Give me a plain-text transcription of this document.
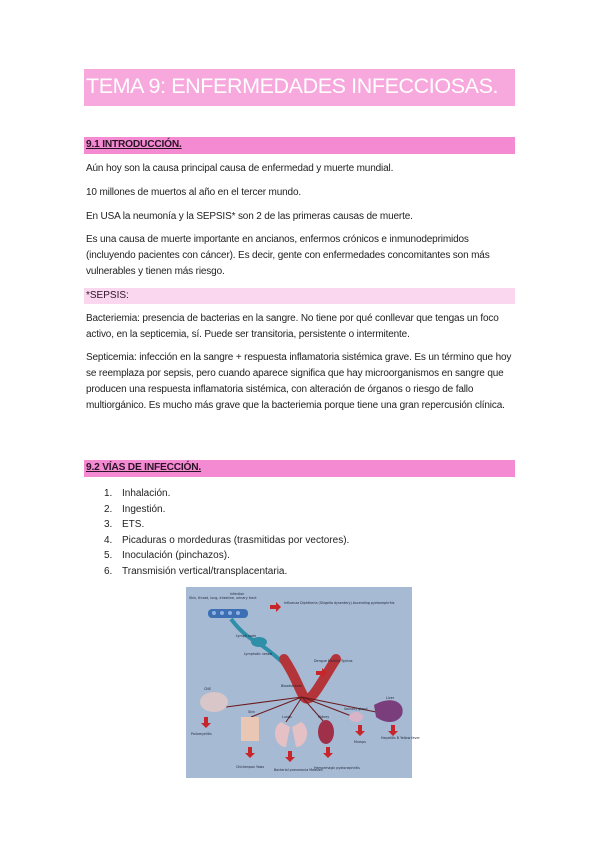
TEMA 9: ENFERMEDADES INFECCIOSAS.
9.1 INTRODUCCIÓN.

Aún hoy son la causa principal causa de enfermedad y muerte mundial.

10 millones de muertos al año en el tercer mundo.

En USA la neumonía y la SEPSIS* son 2 de las primeras causas de muerte.

Es una causa de muerte importante en ancianos, enfermos crónicos e inmunodeprimidos (incluyendo pacientes con cáncer). Es decir, gente con enfermedades concomitantes son más vulnerables y tienen más riesgo.

*SEPSIS:

Bacteriemia: presencia de bacterias en la sangre. No tiene por qué conllevar que tengas un foco activo, en la septicemia, sí. Puede ser transitoria, persistente o intermitente.

Septicemia: infección en la sangre + respuesta inflamatoria sistémica grave. Es un término que hoy se reemplaza por sepsis, pero cuando aparece significa que hay microorganismos en sangre que producen una respuesta inflamatoria sistémica, con alteración de órganos o riesgo de fallo multiorgánico. Es mucho más grave que la bacteriemia porque tiene una gran repercusión clínica.

9.2 VÍAS DE INFECCIÓN.
1. Inhalación.
2. Ingestión.
3. ETS.
4. Picaduras o mordeduras (trasmitidas por vectores).
5. Inoculación (pinchazos).
6. Transmisión vertical/transplacentaria.
Infection
Skin, throat, lung, intestine, urinary tract
Influenza Diphtheria (Shigella dysentery) Ascending pyelonephritis
Lymph node
Lymphatic vessel
Dengue Malaria Typhus
Bloodstream
CNS
Poliomyelitis
Skin
Lungs	Kidney
Salivary gland
Liver
Chickenpox Yaws
Bacterial pneumonia Measles
Hemorrhagic pyelonephritis
Mumps
Hepatitis B Yellow fever
